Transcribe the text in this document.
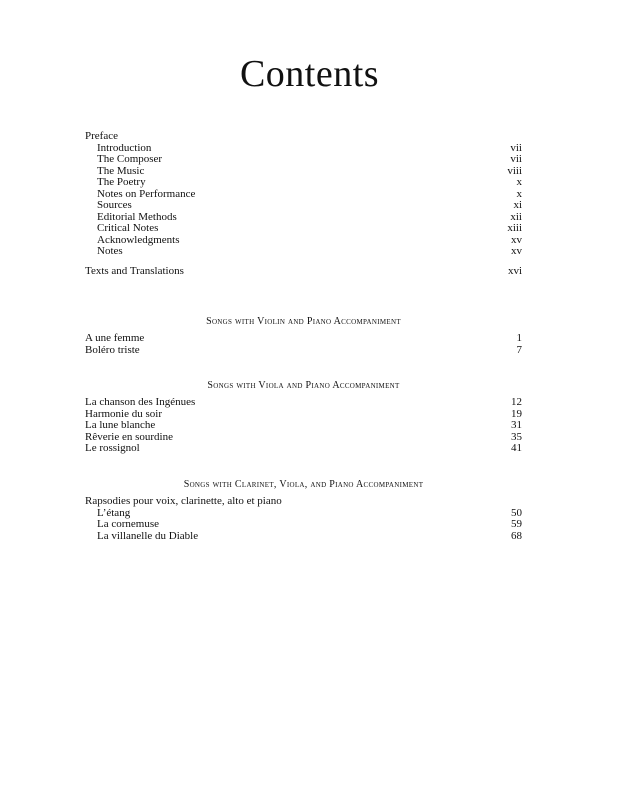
Contents
Preface
Introduction	vii
The Composer	vii
The Music	viii
The Poetry	x
Notes on Performance	x
Sources	xi
Editorial Methods	xii
Critical Notes	xiii
Acknowledgments	xv
Notes	xv
Texts and Translations	xvi
Songs with Violin and Piano Accompaniment
A une femme	1
Boléro triste	7
Songs with Viola and Piano Accompaniment
La chanson des Ingénues	12
Harmonie du soir	19
La lune blanche	31
Rêverie en sourdine	35
Le rossignol	41
Songs with Clarinet, Viola, and Piano Accompaniment
Rapsodies pour voix, clarinette, alto et piano
L’étang	50
La cornemuse	59
La villanelle du Diable	68
